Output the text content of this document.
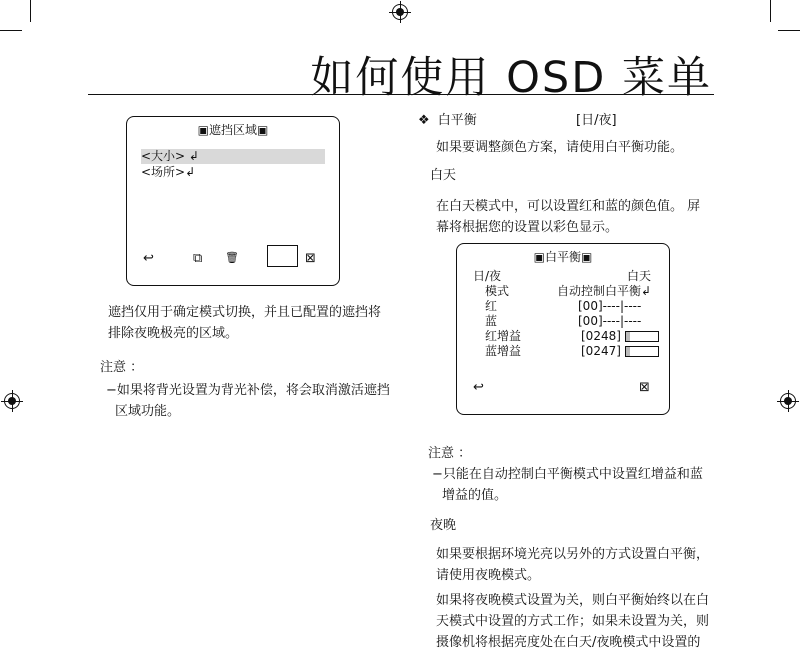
如何使用 OSD 菜单
▣遮挡区域▣
<大小> ↲
<场所>↲
↩	⧉ 🗑	⊠
遮挡仅用于确定模式切换，并且已配置的遮挡将
排除夜晚极亮的区域。
注意 ：
−如果将背光设置为背光补偿，将会取消激活遮挡
区域功能。
❖ 白平衡	[日/夜]
如果要调整颜色方案，请使用白平衡功能。
白天
在白天模式中，可以设置红和蓝的颜色值。 屏
幕将根据您的设置以彩色显示。
▣白平衡▣
日/夜	白天
模式	自动控制白平衡↲
红	[00]----|----
蓝	[00]----|----
红增益	[0248]
蓝增益	[0247]
↩	⊠
注意 ：
−只能在自动控制白平衡模式中设置红增益和蓝
增益的值。
夜晚
如果要根据环境光亮以另外的方式设置白平衡，
请使用夜晚模式。
如果将夜晚模式设置为关，则白平衡始终以在白
天模式中设置的方式工作；如果未设置为关，则
摄像机将根据亮度处在白天/夜晚模式中设置的
